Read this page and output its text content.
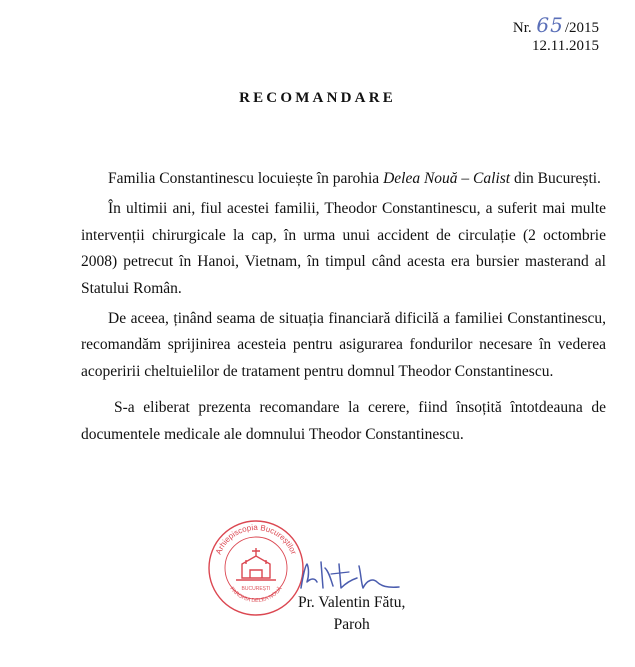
Nr. 65/2015
12.11.2015
RECOMANDARE

Familia Constantinescu locuiește în parohia Delea Nouă – Calist din București.

În ultimii ani, fiul acestei familii, Theodor Constantinescu, a suferit mai multe intervenții chirurgicale la cap, în urma unui accident de circulație (2 octombrie 2008) petrecut în Hanoi, Vietnam, în timpul când acesta era bursier masterand al Statului Român.

De aceea, ținând seama de situația financiară dificilă a familiei Constantinescu, recomandăm sprijinirea acesteia pentru asigurarea fondurilor necesare în vederea acoperirii cheltuielilor de tratament pentru domnul Theodor Constantinescu.

S-a eliberat prezenta recomandare la cerere, fiind însoțită întotdeauna de documentele medicale ale domnului Theodor Constantinescu.

Arhiepiscopia Bucureștilor
PAROHIA DELEA NOUĂ
BUCUREȘTI
Pr. Valentin Fătu,
Paroh
